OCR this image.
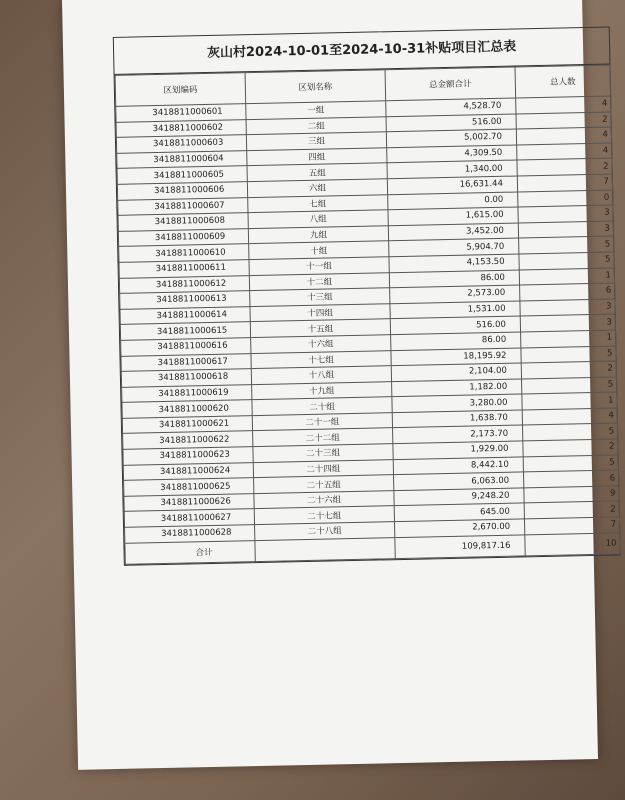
灰山村2024-10-01至2024-10-31补贴项目汇总表
区划编码	区划名称	总金额合计	总人数
3418811000601	一组	4,528.70	4
3418811000602	二组	516.00	2
3418811000603	三组	5,002.70	4
3418811000604	四组	4,309.50	4
3418811000605	五组	1,340.00	2
3418811000606	六组	16,631.44	7
3418811000607	七组	0.00	0
3418811000608	八组	1,615.00	3
3418811000609	九组	3,452.00	3
3418811000610	十组	5,904.70	5
3418811000611	十一组	4,153.50	5
3418811000612	十二组	86.00	1
3418811000613	十三组	2,573.00	6
3418811000614	十四组	1,531.00	3
3418811000615	十五组	516.00	3
3418811000616	十六组	86.00	1
3418811000617	十七组	18,195.92	5
3418811000618	十八组	2,104.00	2
3418811000619	十九组	1,182.00	5
3418811000620	二十组	3,280.00	1
3418811000621	二十一组	1,638.70	4
3418811000622	二十二组	2,173.70	5
3418811000623	二十三组	1,929.00	2
3418811000624	二十四组	8,442.10	5
3418811000625	二十五组	6,063.00	6
3418811000626	二十六组	9,248.20	9
3418811000627	二十七组	645.00	2
3418811000628	二十八组	2,670.00	7
合计		109,817.16	10
